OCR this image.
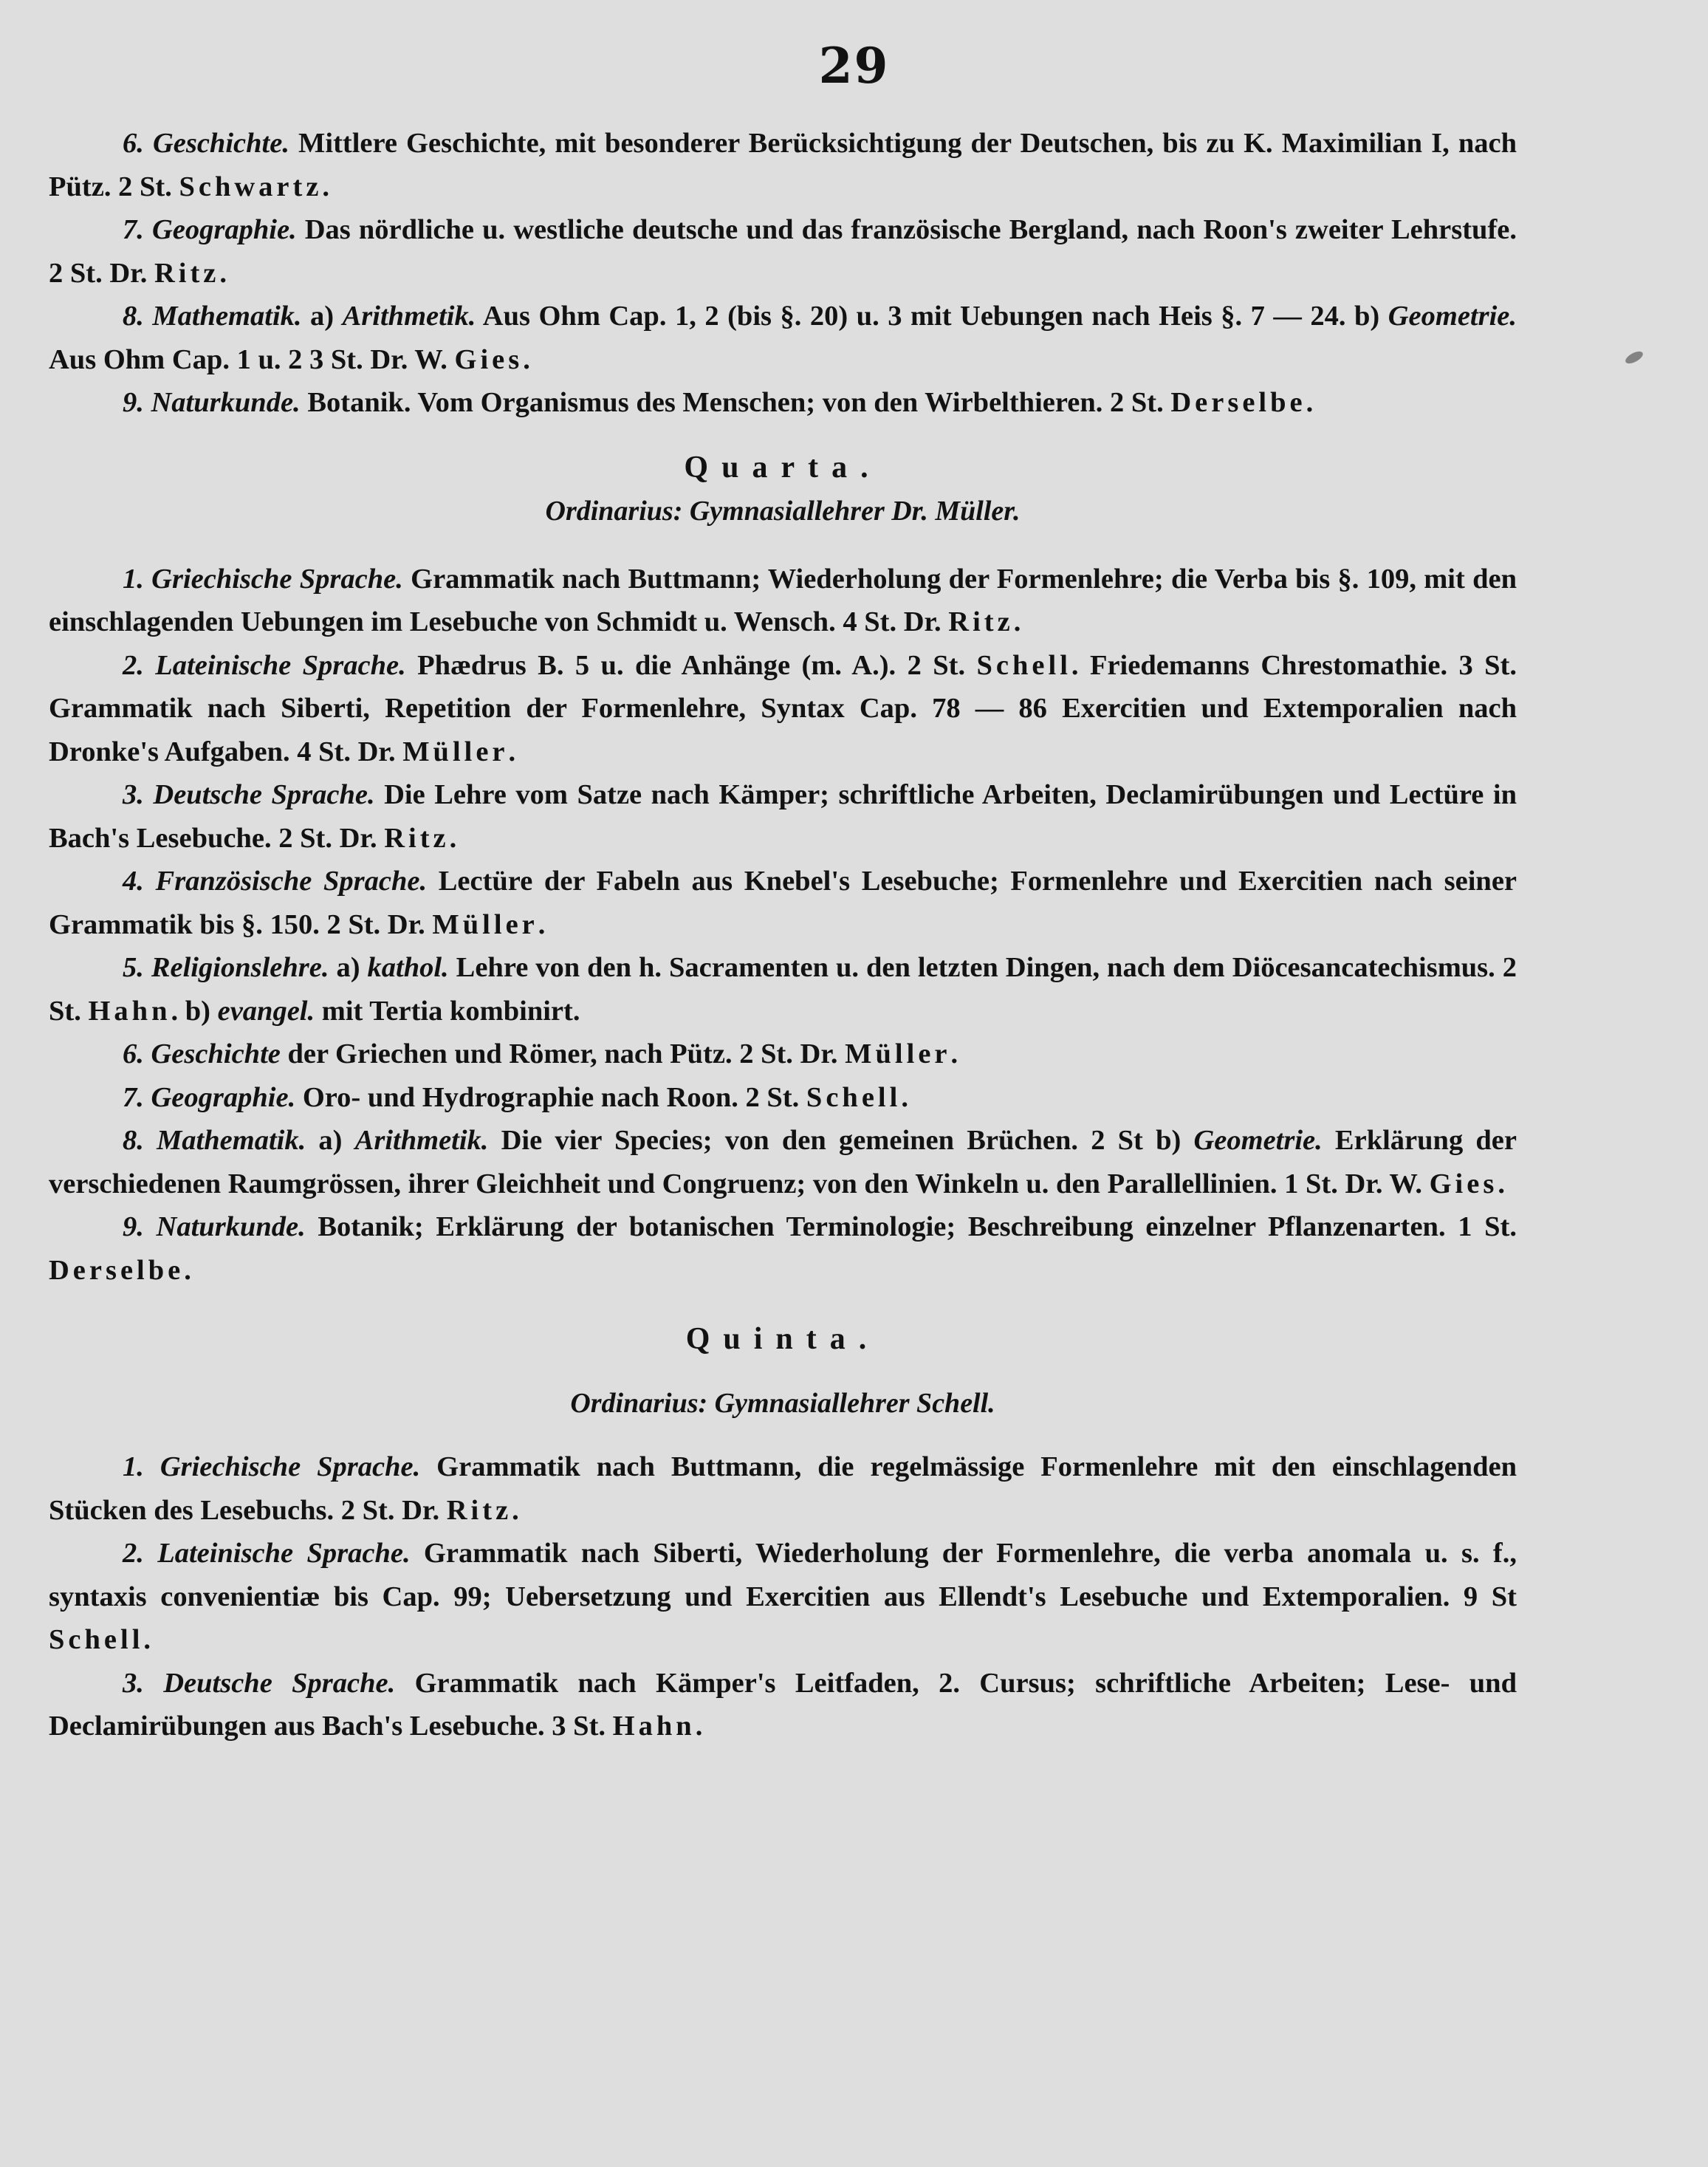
29
6. Geschichte. Mittlere Geschichte, mit besonderer Berücksichtigung der Deutschen, bis zu K. Maximilian I, nach Pütz. 2 St. Schwartz.
7. Geographie. Das nördliche u. westliche deutsche und das französische Bergland, nach Roon's zweiter Lehrstufe. 2 St. Dr. Ritz.
8. Mathematik. a) Arithmetik. Aus Ohm Cap. 1, 2 (bis §. 20) u. 3 mit Uebungen nach Heis §. 7 — 24. b) Geometrie. Aus Ohm Cap. 1 u. 2 3 St. Dr. W. Gies.
9. Naturkunde. Botanik. Vom Organismus des Menschen; von den Wirbelthieren. 2 St. Derselbe.
Quarta.
Ordinarius: Gymnasiallehrer Dr. Müller.
1. Griechische Sprache. Grammatik nach Buttmann; Wiederholung der Formenlehre; die Verba bis §. 109, mit den einschlagenden Uebungen im Lesebuche von Schmidt u. Wensch. 4 St. Dr. Ritz.
2. Lateinische Sprache. Phædrus B. 5 u. die Anhänge (m. A.). 2 St. Schell. Friedemanns Chrestomathie. 3 St. Grammatik nach Siberti, Repetition der Formenlehre, Syntax Cap. 78 — 86 Exercitien und Extemporalien nach Dronke's Aufgaben. 4 St. Dr. Müller.
3. Deutsche Sprache. Die Lehre vom Satze nach Kämper; schriftliche Arbeiten, Declamirübungen und Lectüre in Bach's Lesebuche. 2 St. Dr. Ritz.
4. Französische Sprache. Lectüre der Fabeln aus Knebel's Lesebuche; Formenlehre und Exercitien nach seiner Grammatik bis §. 150. 2 St. Dr. Müller.
5. Religionslehre. a) kathol. Lehre von den h. Sacramenten u. den letzten Dingen, nach dem Diöcesancatechismus. 2 St. Hahn. b) evangel. mit Tertia kombinirt.
6. Geschichte der Griechen und Römer, nach Pütz. 2 St. Dr. Müller.
7. Geographie. Oro- und Hydrographie nach Roon. 2 St. Schell.
8. Mathematik. a) Arithmetik. Die vier Species; von den gemeinen Brüchen. 2 St b) Geometrie. Erklärung der verschiedenen Raumgrössen, ihrer Gleichheit und Congruenz; von den Winkeln u. den Parallellinien. 1 St. Dr. W. Gies.
9. Naturkunde. Botanik; Erklärung der botanischen Terminologie; Beschreibung einzelner Pflanzenarten. 1 St. Derselbe.
Quinta.
Ordinarius: Gymnasiallehrer Schell.
1. Griechische Sprache. Grammatik nach Buttmann, die regelmässige Formenlehre mit den einschlagenden Stücken des Lesebuchs. 2 St. Dr. Ritz.
2. Lateinische Sprache. Grammatik nach Siberti, Wiederholung der Formenlehre, die verba anomala u. s. f., syntaxis convenientiæ bis Cap. 99; Uebersetzung und Exercitien aus Ellendt's Lesebuche und Extemporalien. 9 St Schell.
3. Deutsche Sprache. Grammatik nach Kämper's Leitfaden, 2. Cursus; schriftliche Arbeiten; Lese- und Declamirübungen aus Bach's Lesebuche. 3 St. Hahn.
